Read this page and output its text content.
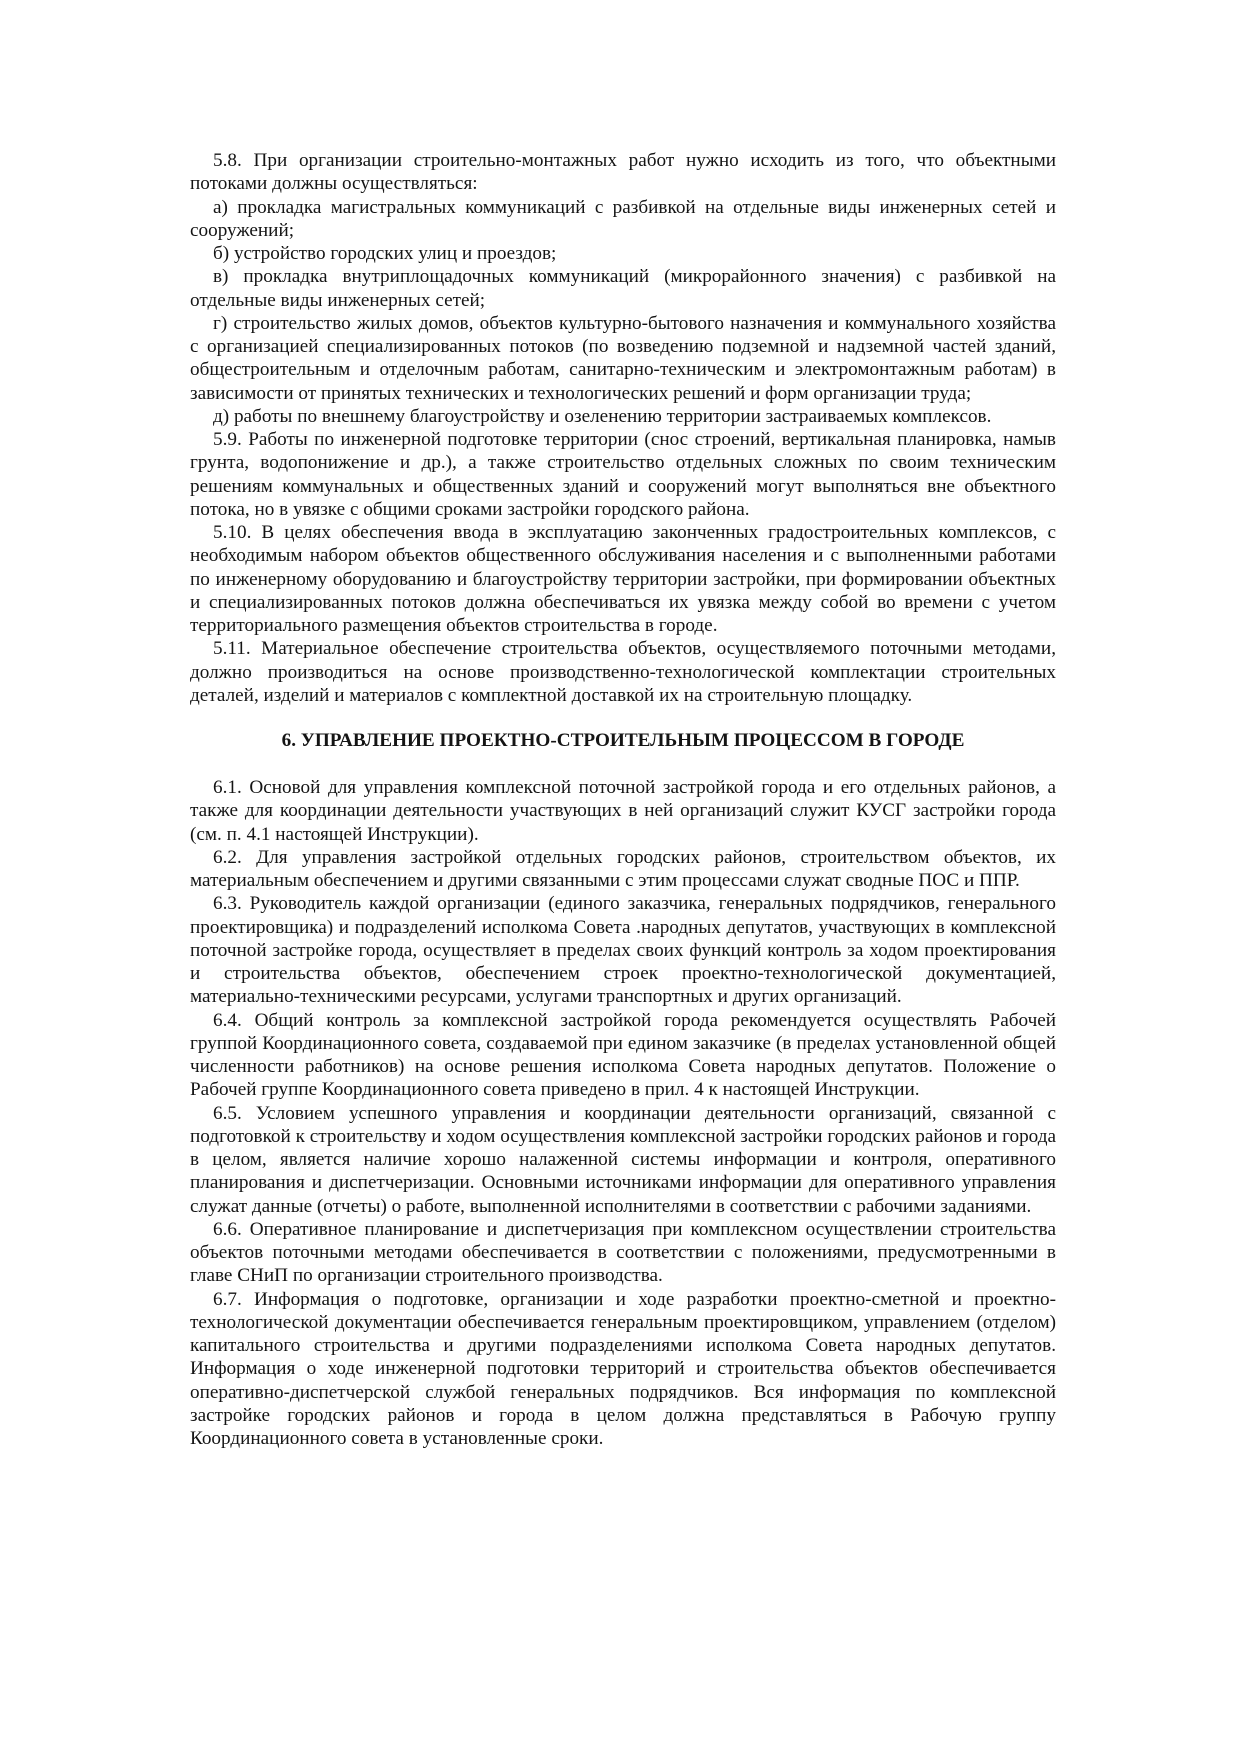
5.8. При организации строительно-монтажных работ нужно исходить из того, что объектными потоками должны осуществляться:

а) прокладка магистральных коммуникаций с разбивкой на отдельные виды инженерных сетей и сооружений;

б) устройство городских улиц и проездов;

в) прокладка внутриплощадочных коммуникаций (микрорайонного значения) с разбивкой на отдельные виды инженерных сетей;

г) строительство жилых домов, объектов культурно-бытового назначения и коммунального хозяйства с организацией специализированных потоков (по возведению подземной и надземной частей зданий, общестроительным и отделочным работам, санитарно-техническим и электромонтажным работам) в зависимости от принятых технических и технологических решений и форм организации труда;

д) работы по внешнему благоустройству и озеленению территории застраиваемых комплексов.

5.9. Работы по инженерной подготовке территории (снос строений, вертикальная планировка, намыв грунта, водопонижение и др.), а также строительство отдельных сложных по своим техническим решениям коммунальных и общественных зданий и сооружений могут выполняться вне объектного потока, но в увязке с общими сроками застройки городского района.

5.10. В целях обеспечения ввода в эксплуатацию законченных градостроительных комплексов, с необходимым набором объектов общественного обслуживания населения и с выполненными работами по инженерному оборудованию и благоустройству территории застройки, при формировании объектных и специализированных потоков должна обеспечиваться их увязка между собой во времени с учетом территориального размещения объектов строительства в городе.

5.11. Материальное обеспечение строительства объектов, осуществляемого поточными методами, должно производиться на основе производственно-технологической комплектации строительных деталей, изделий и материалов с комплектной доставкой их на строительную площадку.

6. УПРАВЛЕНИЕ ПРОЕКТНО-СТРОИТЕЛЬНЫМ ПРОЦЕССОМ В ГОРОДЕ

6.1. Основой для управления комплексной поточной застройкой города и его отдельных районов, а также для координации деятельности участвующих в ней организаций служит КУСГ застройки города (см. п. 4.1 настоящей Инструкции).

6.2. Для управления застройкой отдельных городских районов, строительством объектов, их материальным обеспечением и другими связанными с этим процессами служат сводные ПОС и ППР.

6.3. Руководитель каждой организации (единого заказчика, генеральных подрядчиков, генерального проектировщика) и подразделений исполкома Совета .народных депутатов, участвующих в комплексной поточной застройке города, осуществляет в пределах своих функций контроль за ходом проектирования и строительства объектов, обеспечением строек проектно-технологической документацией, материально-техническими ресурсами, услугами транспортных и других организаций.

6.4. Общий контроль за комплексной застройкой города рекомендуется осуществлять Рабочей группой Координационного совета, создаваемой при едином заказчике (в пределах установленной общей численности работников) на основе решения исполкома Совета народных депутатов. Положение о Рабочей группе Координационного совета приведено в прил. 4 к настоящей Инструкции.

6.5. Условием успешного управления и координации деятельности организаций, связанной с подготовкой к строительству и ходом осуществления комплексной застройки городских районов и города в целом, является наличие хорошо налаженной системы информации и контроля, оперативного планирования и диспетчеризации. Основными источниками информации для оперативного управления служат данные (отчеты) о работе, выполненной исполнителями в соответствии с рабочими заданиями.

6.6. Оперативное планирование и диспетчеризация при комплексном осуществлении строительства объектов поточными методами обеспечивается в соответствии с положениями, предусмотренными в главе СНиП по организации строительного производства.

6.7. Информация о подготовке, организации и ходе разработки проектно-сметной и проектно-технологической документации обеспечивается генеральным проектировщиком, управлением (отделом) капитального строительства и другими подразделениями исполкома Совета народных депутатов. Информация о ходе инженерной подготовки территорий и строительства объектов обеспечивается оперативно-диспетчерской службой генеральных подрядчиков. Вся информация по комплексной застройке городских районов и города в целом должна представляться в Рабочую группу Координационного совета в установленные сроки.
